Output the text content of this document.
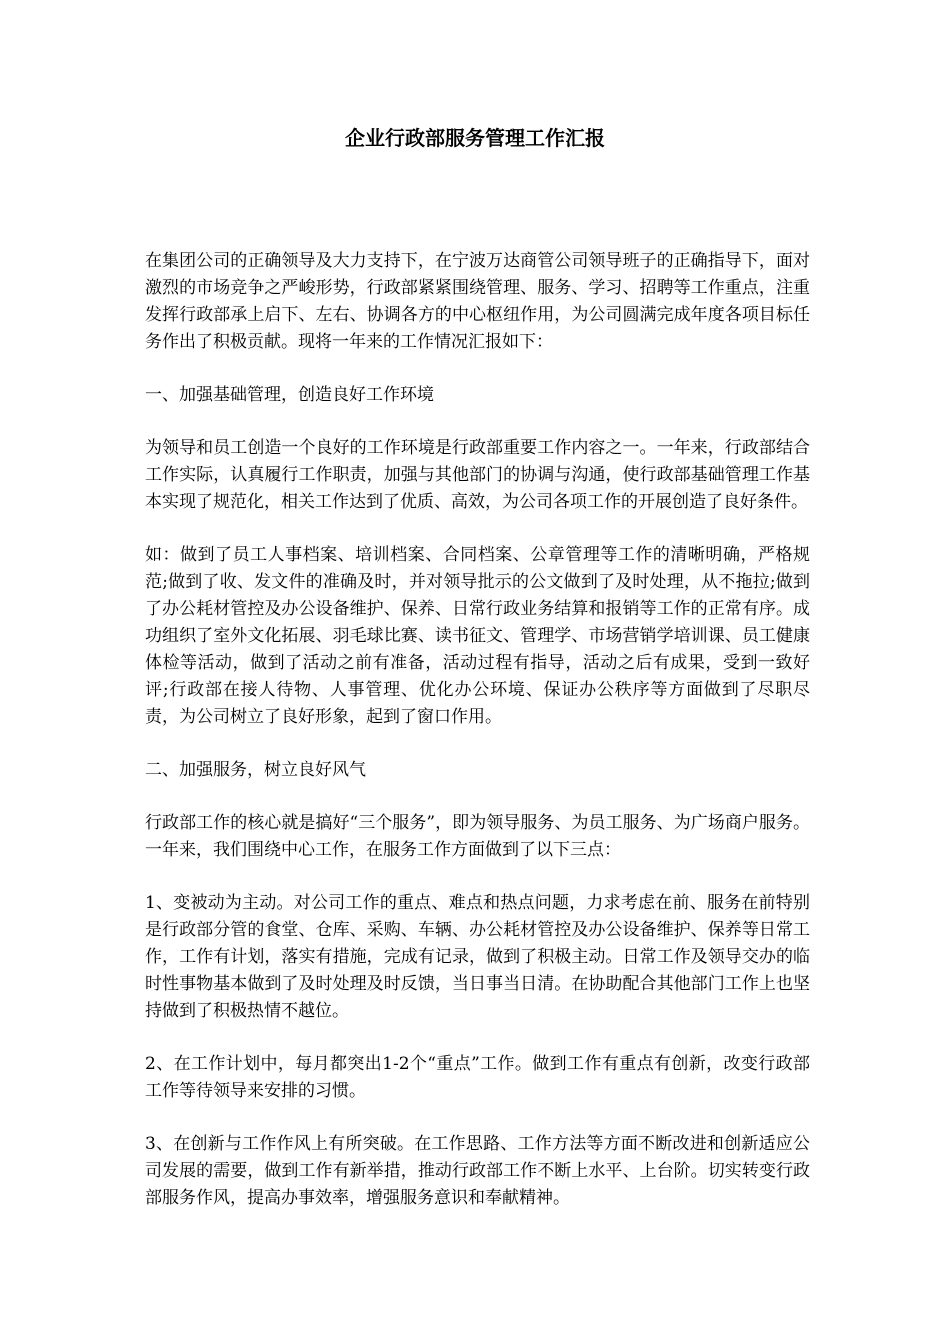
企业行政部服务管理工作汇报

在集团公司的正确领导及大力支持下，在宁波万达商管公司领导班子的正确指导下，面对激烈的市场竞争之严峻形势，行政部紧紧围绕管理、服务、学习、招聘等工作重点，注重发挥行政部承上启下、左右、协调各方的中心枢纽作用，为公司圆满完成年度各项目标任务作出了积极贡献。现将一年来的工作情况汇报如下：

一、加强基础管理，创造良好工作环境

为领导和员工创造一个良好的工作环境是行政部重要工作内容之一。一年来，行政部结合工作实际，认真履行工作职责，加强与其他部门的协调与沟通，使行政部基础管理工作基本实现了规范化，相关工作达到了优质、高效，为公司各项工作的开展创造了良好条件。

如：做到了员工人事档案、培训档案、合同档案、公章管理等工作的清晰明确，严格规范;做到了收、发文件的准确及时，并对领导批示的公文做到了及时处理，从不拖拉;做到了办公耗材管控及办公设备维护、保养、日常行政业务结算和报销等工作的正常有序。成功组织了室外文化拓展、羽毛球比赛、读书征文、管理学、市场营销学培训课、员工健康体检等活动，做到了活动之前有准备，活动过程有指导，活动之后有成果，受到一致好评;行政部在接人待物、人事管理、优化办公环境、保证办公秩序等方面做到了尽职尽责，为公司树立了良好形象，起到了窗口作用。

二、加强服务，树立良好风气

行政部工作的核心就是搞好“三个服务”，即为领导服务、为员工服务、为广场商户服务。一年来，我们围绕中心工作，在服务工作方面做到了以下三点：

1、变被动为主动。对公司工作的重点、难点和热点问题，力求考虑在前、服务在前特别是行政部分管的食堂、仓库、采购、车辆、办公耗材管控及办公设备维护、保养等日常工作，工作有计划，落实有措施，完成有记录，做到了积极主动。日常工作及领导交办的临时性事物基本做到了及时处理及时反馈，当日事当日清。在协助配合其他部门工作上也坚持做到了积极热情不越位。

2、在工作计划中，每月都突出1-2个“重点”工作。做到工作有重点有创新，改变行政部工作等待领导来安排的习惯。

3、在创新与工作作风上有所突破。在工作思路、工作方法等方面不断改进和创新适应公司发展的需要，做到工作有新举措，推动行政部工作不断上水平、上台阶。切实转变行政部服务作风，提高办事效率，增强服务意识和奉献精神。
